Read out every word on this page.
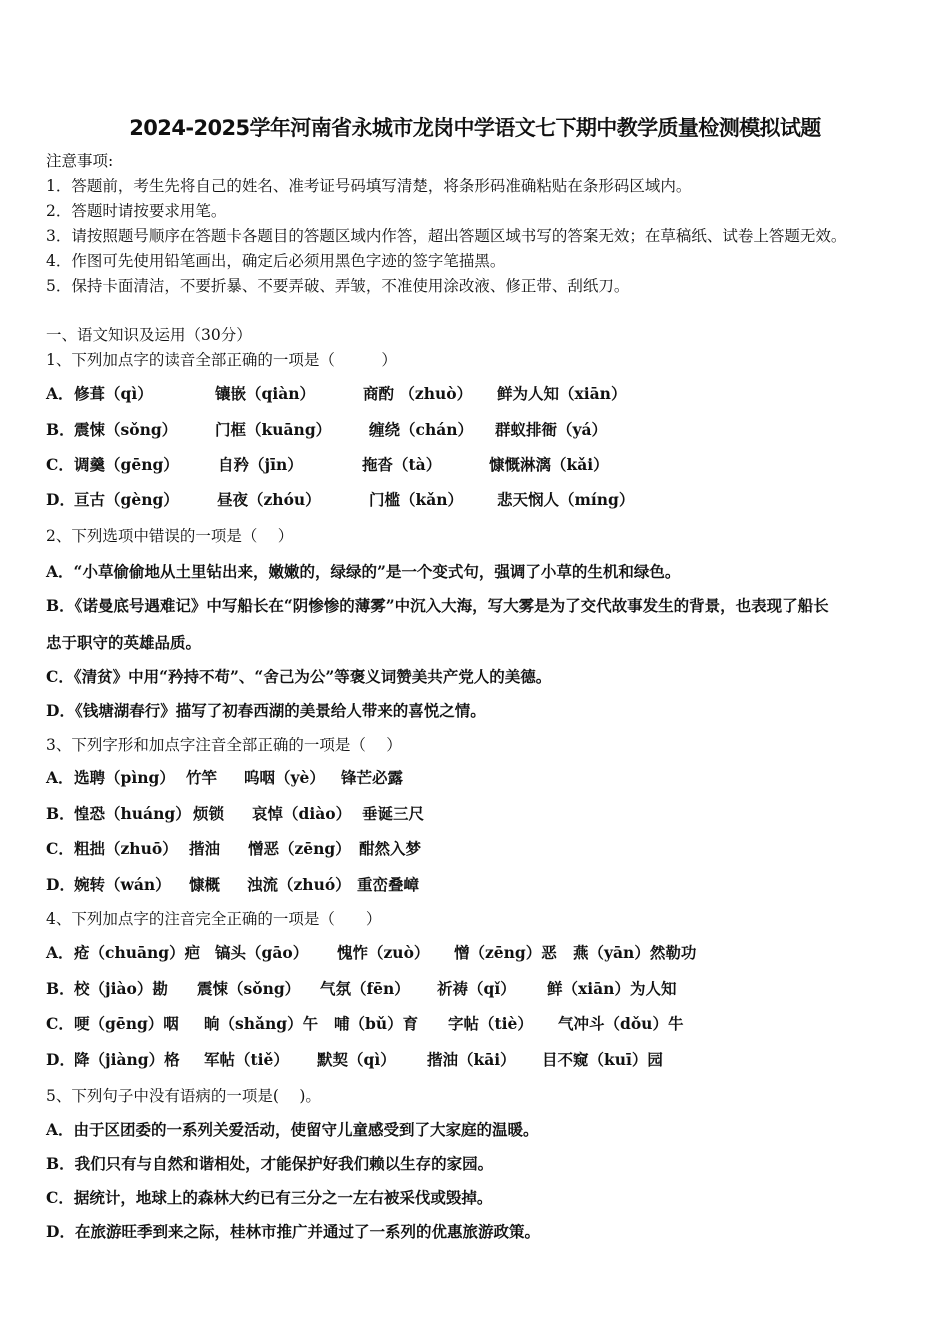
2024-2025学年河南省永城市龙岗中学语文七下期中教学质量检测模拟试题
注意事项:
1．答题前，考生先将自己的姓名、准考证号码填写清楚，将条形码准确粘贴在条形码区域内。
2．答题时请按要求用笔。
3．请按照题号顺序在答题卡各题目的答题区域内作答，超出答题区域书写的答案无效；在草稿纸、试卷上答题无效。
4．作图可先使用铅笔画出，确定后必须用黑色字迹的签字笔描黑。
5．保持卡面清洁，不要折暴、不要弄破、弄皱，不准使用涂改液、修正带、刮纸刀。
一、语文知识及运用（30分）
1、下列加点字的读音全部正确的一项是（　　　）
A． 修葺（qì）	镶嵌（qiàn）	商酌 （zhuò） 鲜为人知（xiān）
B． 震悚（sǒng） 门框（kuāng） 缠绕（chán） 群蚁排衙（yá）
C． 调羹（gēng）	自矜（jīn）	拖沓（tà）	慷慨淋漓（kǎi）
D． 亘古（gèng） 昼夜（zhóu）	门槛（kǎn） 悲天悯人（míng）
2、下列选项中错误的一项是（　 ）
A．“小草偷偷地从土里钻出来，嫩嫩的，绿绿的”是一个变式句，强调了小草的生机和绿色。
B．《诺曼底号遇难记》中写船长在“阴惨惨的薄雾”中沉入大海，写大雾是为了交代故事发生的背景，也表现了船长
忠于职守的英雄品质。
C．《清贫》中用“矜持不苟”、“舍己为公”等褒义词赞美共产党人的美德。
D．《钱塘湖春行》描写了初春西湖的美景给人带来的喜悦之情。
3、下列字形和加点字注音全部正确的一项是（　 ）
A． 选聘（pìng） 竹竿 呜咽（yè） 锋芒必露
B． 惶恐（huáng） 烦锁 哀悼（diào） 垂诞三尺
C． 粗拙（zhuō） 揩油 憎恶（zēng） 酣然入梦
D． 婉转（wán） 慷概 浊流（zhuó） 重峦叠嶂
4、下列加点字的注音完全正确的一项是（　　）
A． 疮（chuāng）疤 镐头（gāo） 愧怍（zuò） 憎（zēng）恶 燕（yān）然勒功
B． 校（jiào）勘 震悚（sǒng） 气氛（fēn） 祈祷（qǐ） 鲜（xiān）为人知
C． 哽（gēng）咽 晌（shǎng）午 哺（bǔ）育 字帖（tiè） 气冲斗（dǒu）牛
D． 降（jiàng）格 军帖（tiě） 默契（qì） 揩油（kāi） 目不窥（kuī）园
5、下列句子中没有语病的一项是(　 )。
A．由于区团委的一系列关爱活动，使留守儿童感受到了大家庭的温暖。
B．我们只有与自然和谐相处，才能保护好我们赖以生存的家园。
C．据统计，地球上的森林大约已有三分之一左右被采伐或毁掉。
D．在旅游旺季到来之际，桂林市推广并通过了一系列的优惠旅游政策。
